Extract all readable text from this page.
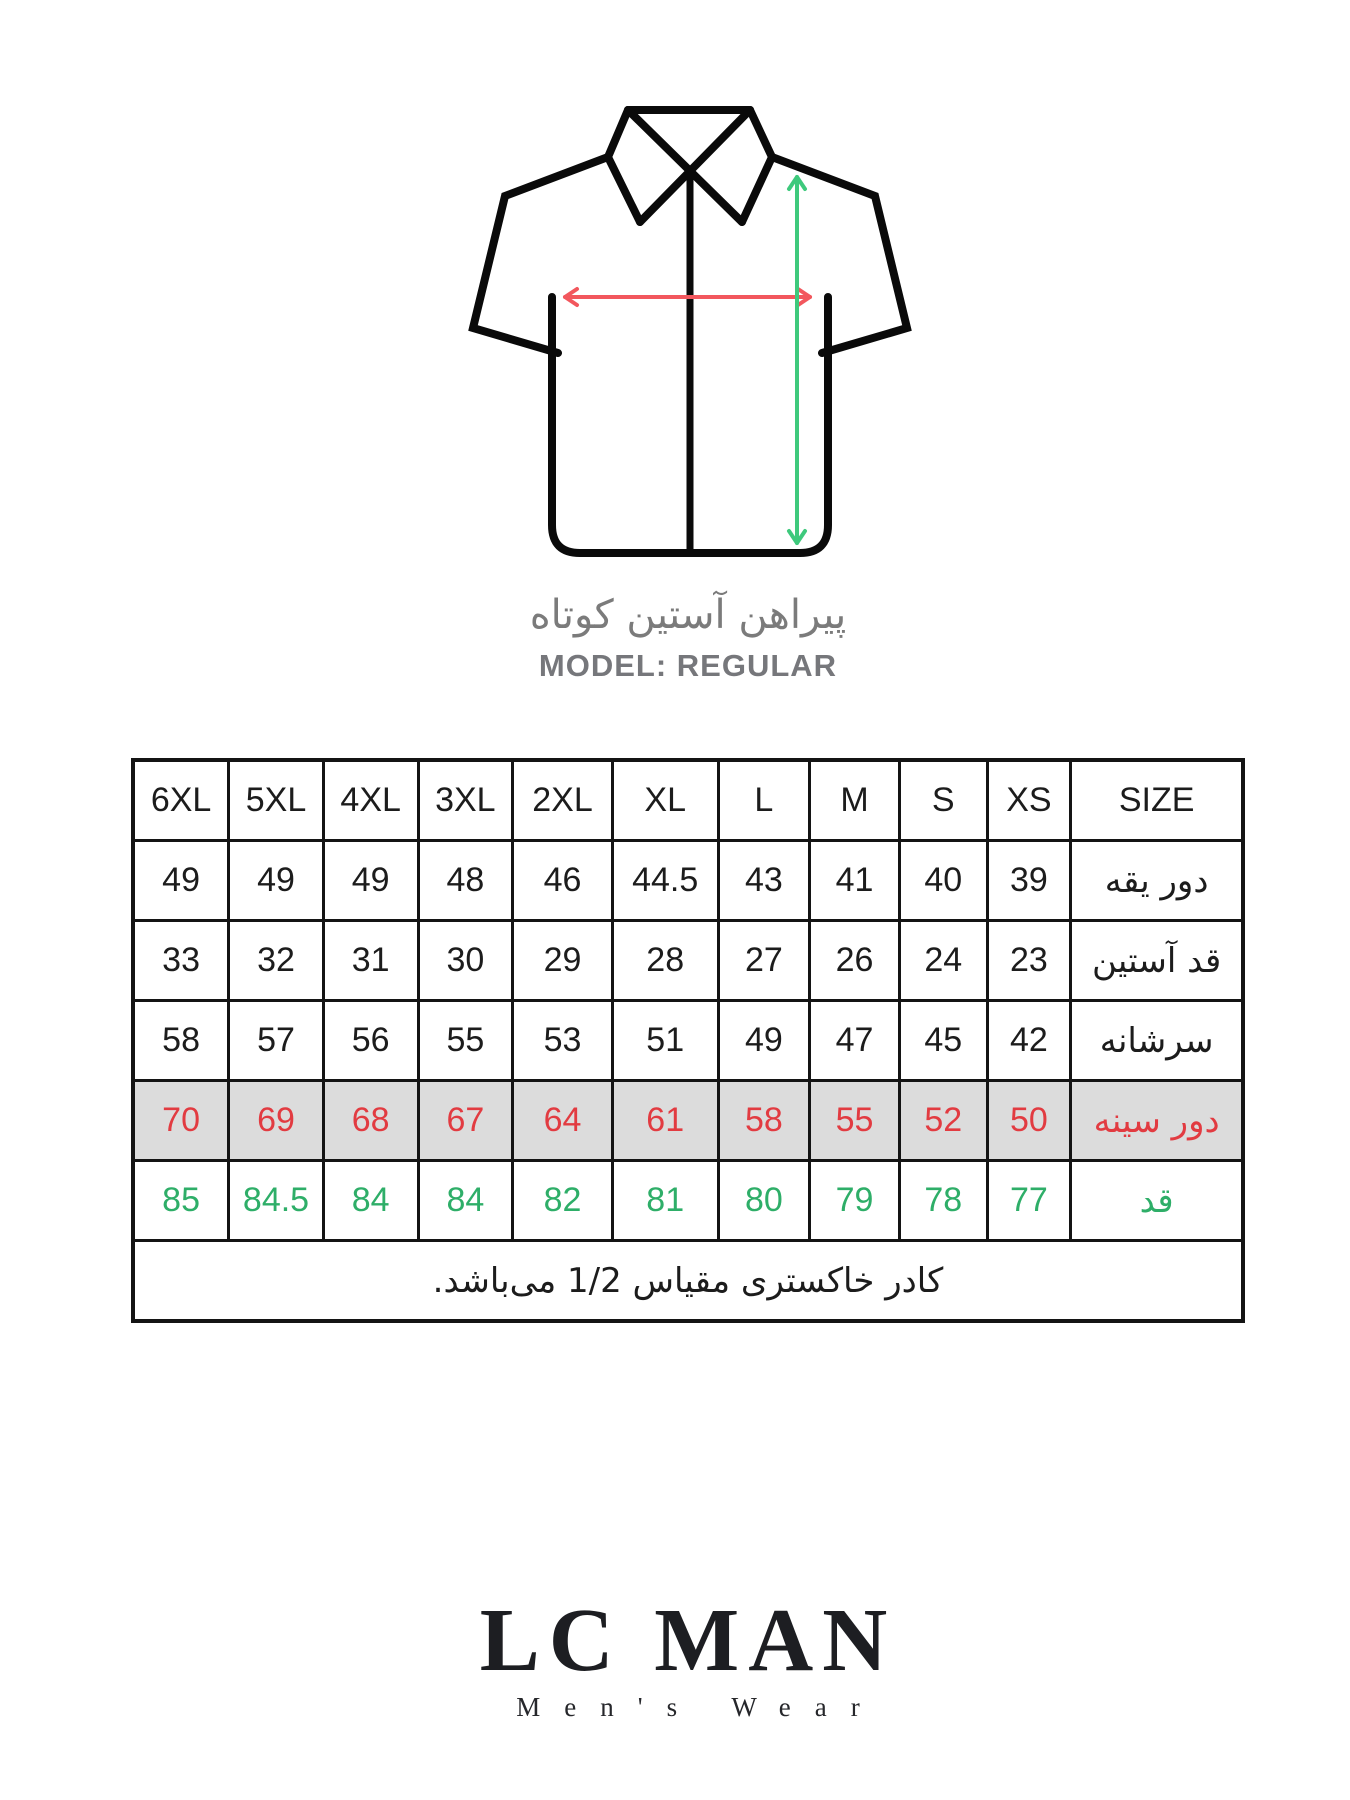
پیراهن آستین کوتاه
MODEL: REGULAR
6XL	5XL	4XL	3XL	2XL	XL	L	M	S	XS	SIZE
49	49	49	48	46	44.5	43	41	40	39	دور یقه
33	32	31	30	29	28	27	26	24	23	قد آستین
58	57	56	55	53	51	49	47	45	42	سرشانه
70	69	68	67	64	61	58	55	52	50	دور سینه
85	84.5	84	84	82	81	80	79	78	77	قد
کادر خاکستری مقیاس 1/2 می‌باشد.										
LC MAN
Men's Wear
